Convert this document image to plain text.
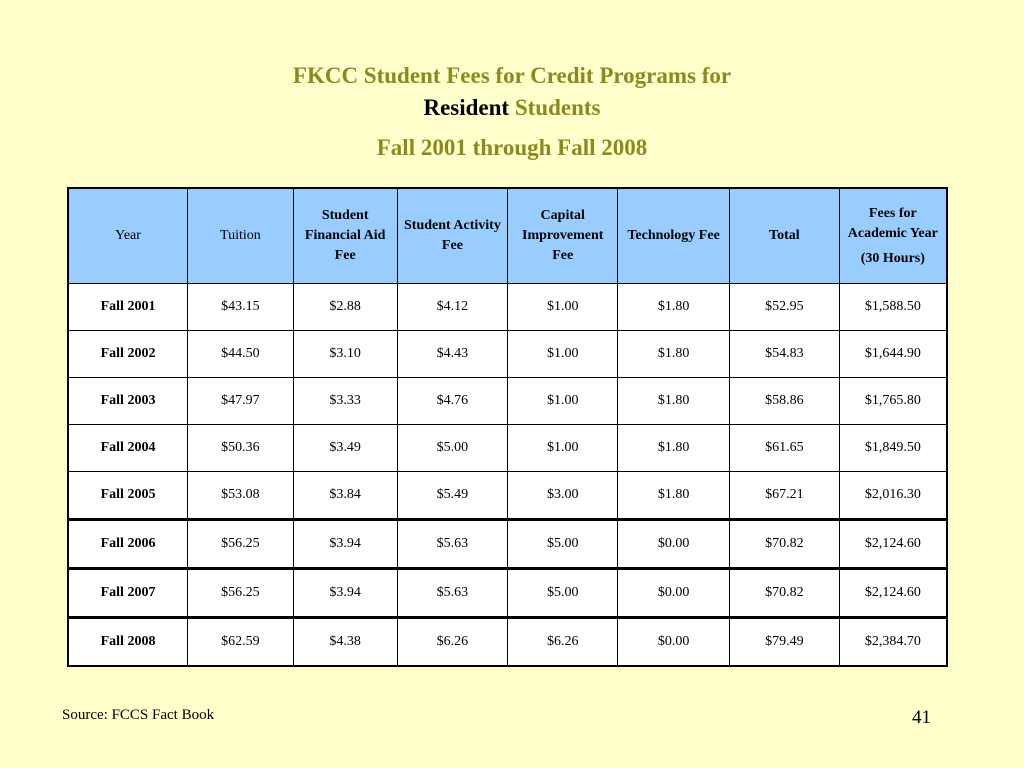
FKCC Student Fees for Credit Programs for
Resident Students
Fall 2001 through Fall 2008
Year	Tuition	Student Financial Aid Fee	Student Activity Fee	Capital Improvement Fee	Technology Fee	Total	Fees for Academic Year
(30 Hours)

Fall 2001	$43.15	$2.88	$4.12	$1.00	$1.80	$52.95	$1,588.50
Fall 2002	$44.50	$3.10	$4.43	$1.00	$1.80	$54.83	$1,644.90
Fall 2003	$47.97	$3.33	$4.76	$1.00	$1.80	$58.86	$1,765.80
Fall 2004	$50.36	$3.49	$5.00	$1.00	$1.80	$61.65	$1,849.50
Fall 2005	$53.08	$3.84	$5.49	$3.00	$1.80	$67.21	$2,016.30
Fall 2006	$56.25	$3.94	$5.63	$5.00	$0.00	$70.82	$2,124.60
Fall 2007	$56.25	$3.94	$5.63	$5.00	$0.00	$70.82	$2,124.60
Fall 2008	$62.59	$4.38	$6.26	$6.26	$0.00	$79.49	$2,384.70
Source: FCCS Fact Book	41
